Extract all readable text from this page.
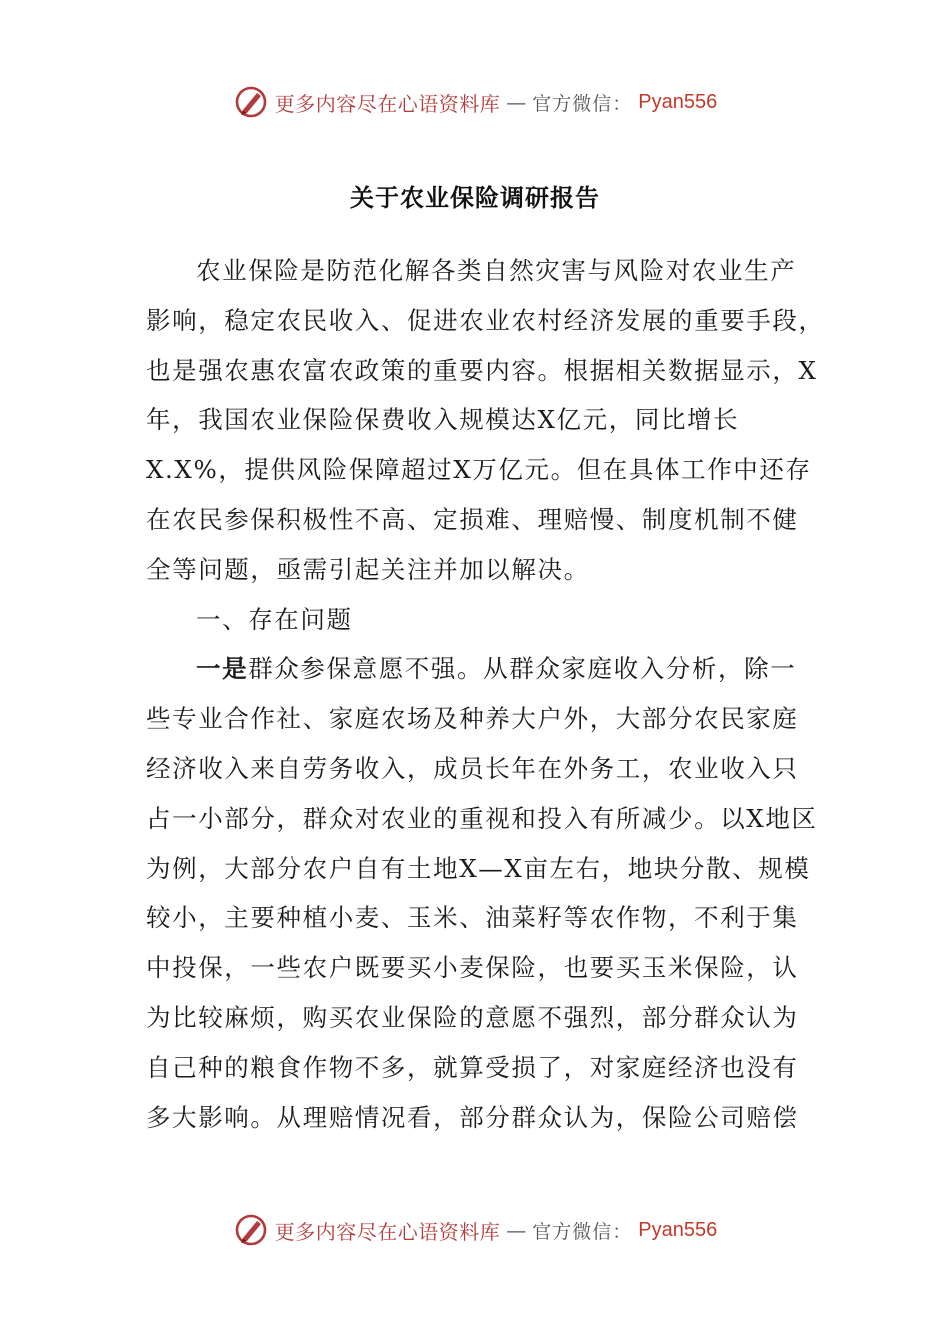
更多内容尽在心语资料库 — 官方微信： Pyan556
关于农业保险调研报告
农业保险是防范化解各类自然灾害与风险对农业生产
影响，稳定农民收入、促进农业农村经济发展的重要手段，
也是强农惠农富农政策的重要内容。根据相关数据显示，X
年，我国农业保险保费收入规模达X亿元，同比增长
X.X%，提供风险保障超过X万亿元。但在具体工作中还存
在农民参保积极性不高、定损难、理赔慢、制度机制不健
全等问题，亟需引起关注并加以解决。
一、存在问题
一是群众参保意愿不强。从群众家庭收入分析，除一
些专业合作社、家庭农场及种养大户外，大部分农民家庭
经济收入来自劳务收入，成员长年在外务工，农业收入只
占一小部分，群众对农业的重视和投入有所减少。以X地区
为例，大部分农户自有土地X—X亩左右，地块分散、规模
较小，主要种植小麦、玉米、油菜籽等农作物，不利于集
中投保，一些农户既要买小麦保险，也要买玉米保险，认
为比较麻烦，购买农业保险的意愿不强烈，部分群众认为
自己种的粮食作物不多，就算受损了，对家庭经济也没有
多大影响。从理赔情况看，部分群众认为，保险公司赔偿
更多内容尽在心语资料库 — 官方微信： Pyan556
